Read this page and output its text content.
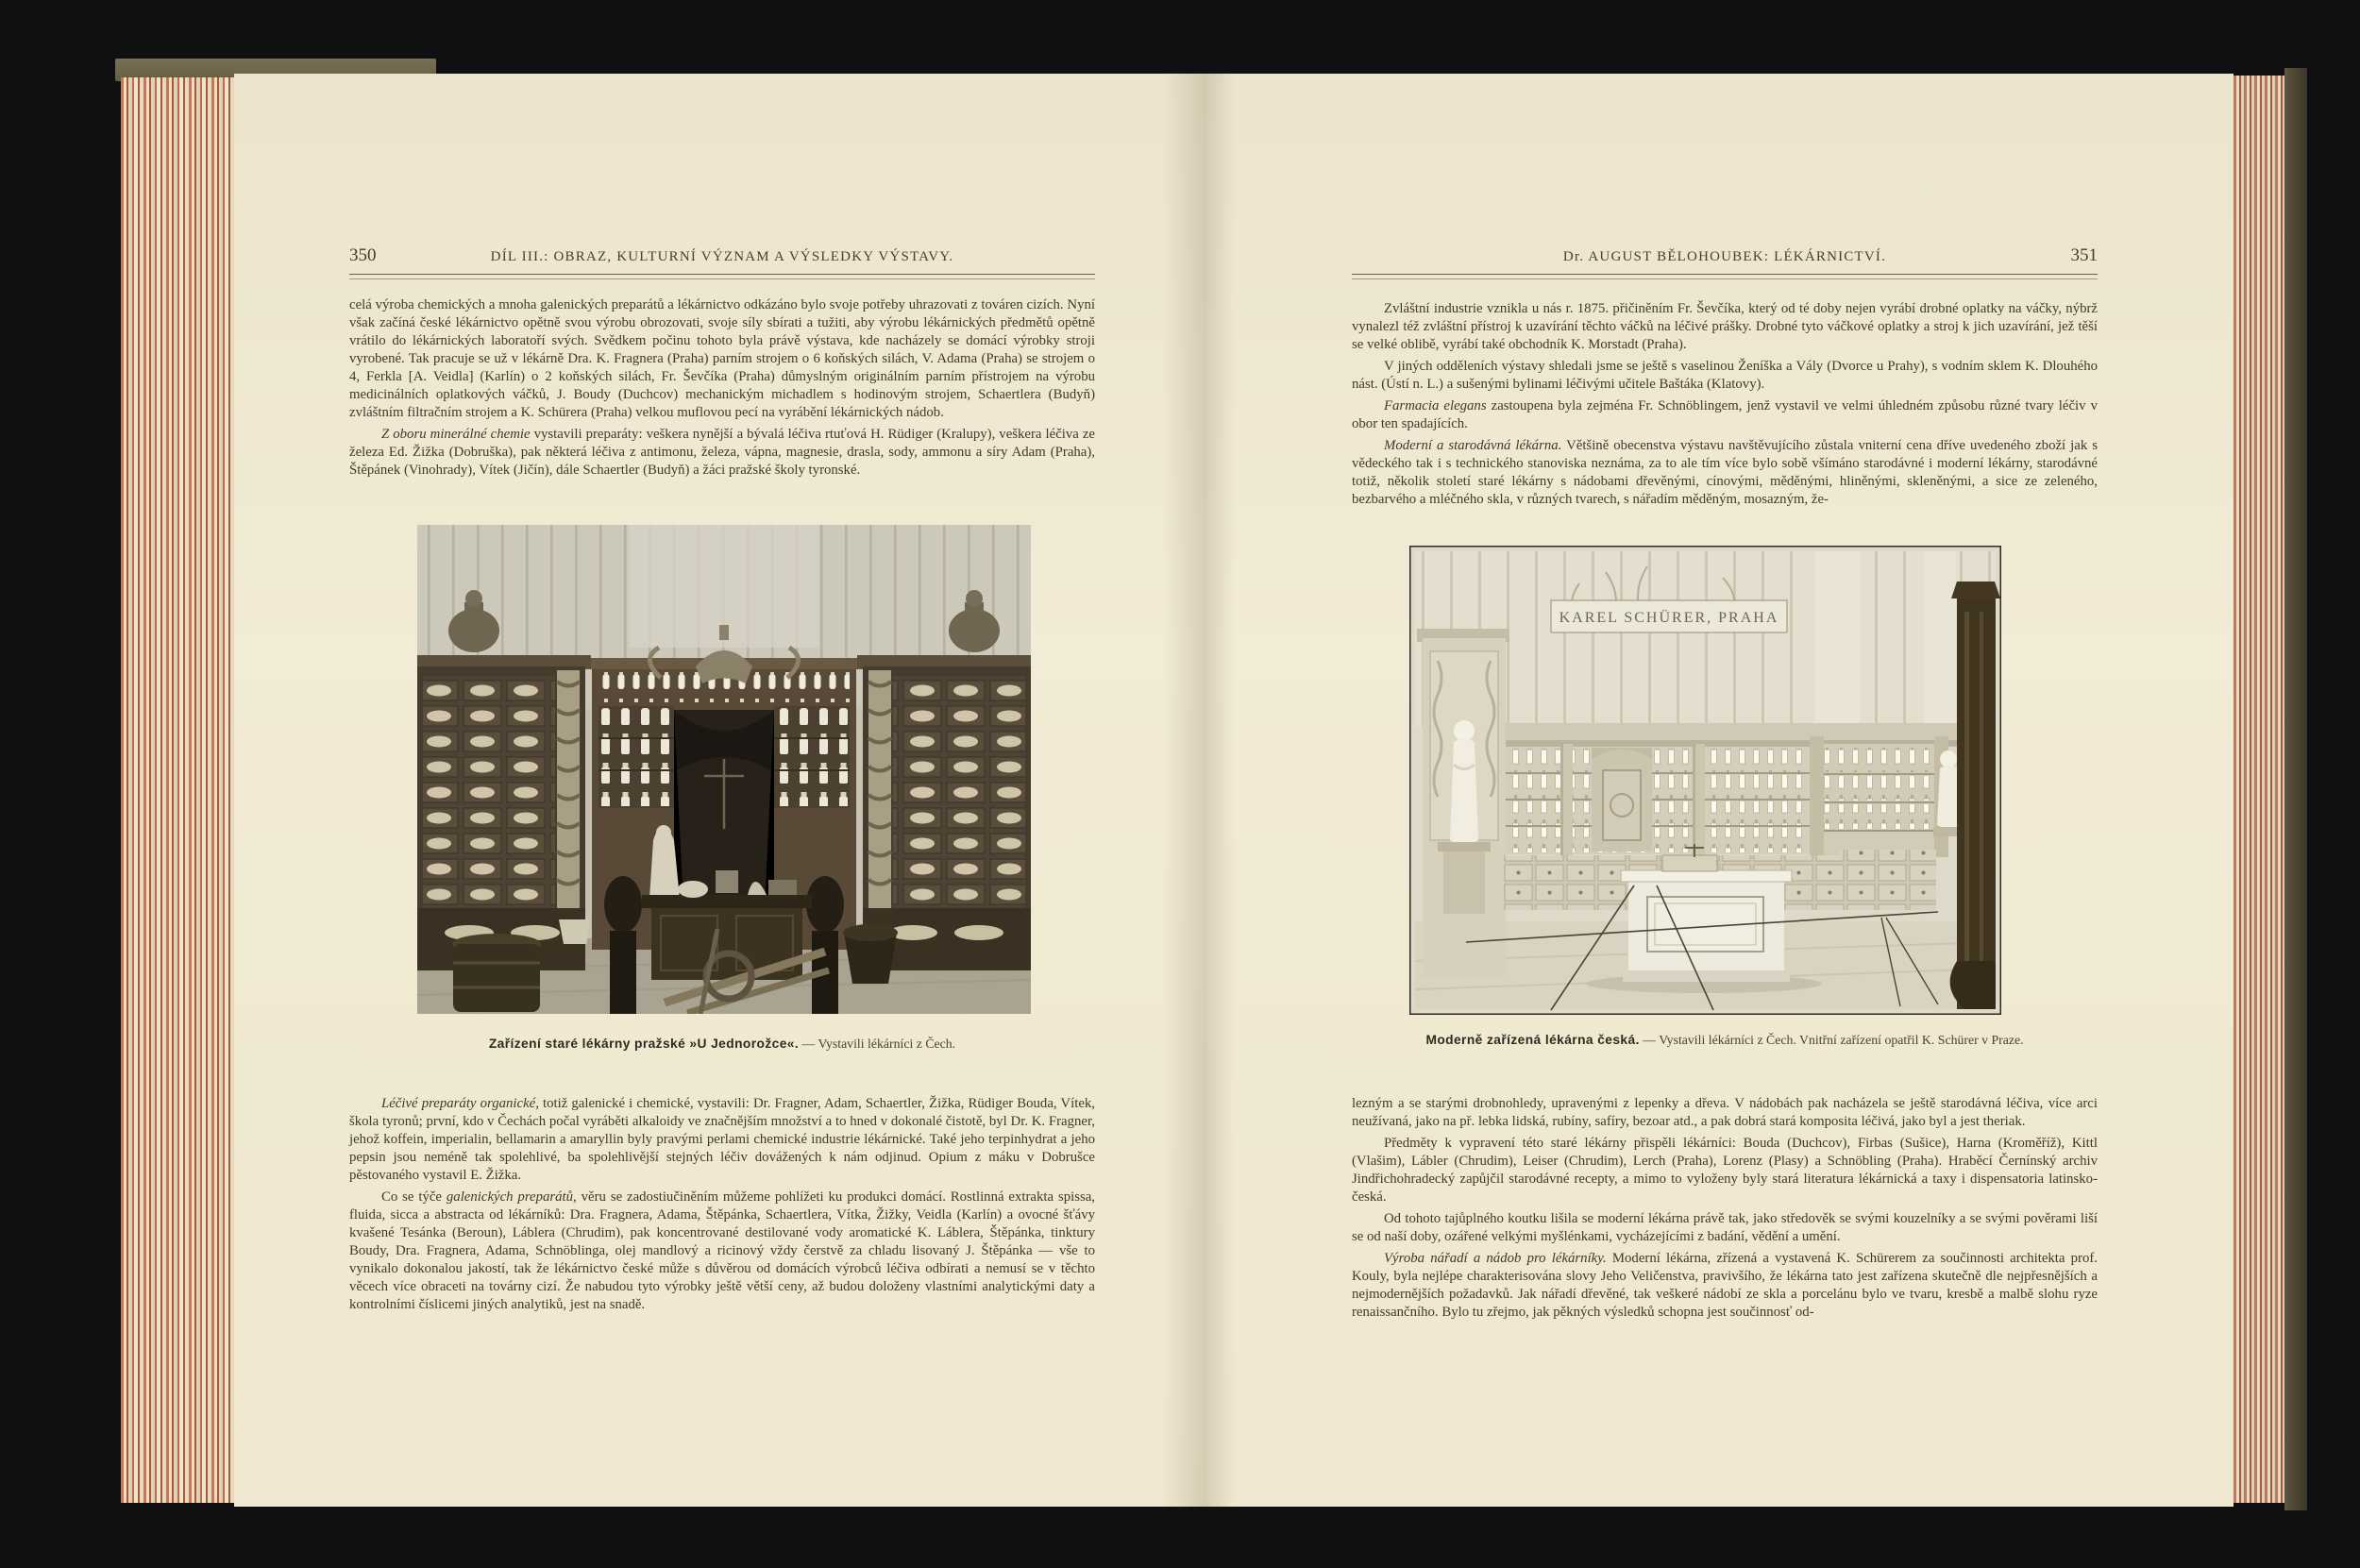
350	DÍL III.: OBRAZ, KULTURNÍ VÝZNAM A VÝSLEDKY VÝSTAVY.

celá výroba chemických a mnoha galenických preparátů a lékárnictvo odkázáno bylo svoje potřeby uhrazovati z továren cizích. Nyní však začíná české lékárnictvo opětně svou výrobu obrozovati, svoje síly sbírati a tužiti, aby výrobu lékárnických předmětů opětně vrátilo do lékárnických laboratoří svých. Svědkem počinu tohoto byla právě výstava, kde nacházely se domácí výrobky stroji vyrobené. Tak pracuje se už v lékárně Dra. K. Fragnera (Praha) parním strojem o 6 koňských silách, V. Adama (Praha) se strojem o 4, Ferkla [A. Veidla] (Karlín) o 2 koňských silách, Fr. Ševčíka (Praha) důmyslným originálním parním přístrojem na výrobu medicinálních oplatkových váčků, J. Boudy (Duchcov) mechanickým michadlem s hodinovým strojem, Schaertlera (Budyň) zvláštním filtračním strojem a K. Schürera (Praha) velkou muflovou pecí na vyrábění lékárnických nádob.

Z oboru minerálné chemie vystavili preparáty: veškera nynější a bývalá léčiva rtuťová H. Rüdiger (Kralupy), veškera léčiva ze železa Ed. Žižka (Dobruška), pak některá léčiva z antimonu, železa, vápna, magnesie, drasla, sody, ammonu a síry Adam (Praha), Štěpánek (Vinohrady), Vítek (Jičín), dále Schaertler (Budyň) a žáci pražské školy tyronské.

Zařízení staré lékárny pražské »U Jednorožce«. — Vystavili lékárníci z Čech.

Léčivé preparáty organické, totiž galenické i chemické, vystavili: Dr. Fragner, Adam, Schaertler, Žižka, Rüdiger Bouda, Vítek, škola tyronů; první, kdo v Čechách počal vyráběti alkaloidy ve značnějším množství a to hned v dokonalé čistotě, byl Dr. K. Fragner, jehož koffein, imperialin, bellamarin a amaryllin byly pravými perlami chemické industrie lékárnické. Také jeho terpinhydrat a jeho pepsin jsou neméně tak spolehlivé, ba spolehlivější stejných léčiv dovážených k nám odjinud. Opium z máku v Dobrušce pěstovaného vystavil E. Žižka.

Co se týče galenických preparátů, věru se zadostiučiněním můžeme pohlížeti ku produkci domácí. Rostlinná extrakta spissa, fluida, sicca a abstracta od lékárníků: Dra. Fragnera, Adama, Štěpánka, Schaertlera, Vítka, Žižky, Veidla (Karlín) a ovocné šťávy kvašené Tesánka (Beroun), Láblera (Chrudim), pak koncentrované destilované vody aromatické K. Láblera, Štěpánka, tinktury Boudy, Dra. Fragnera, Adama, Schnöblinga, olej mandlový a ricinový vždy čerstvě za chladu lisovaný J. Štěpánka — vše to vynikalo dokonalou jakostí, tak že lékárnictvo české může s důvěrou od domácích výrobců léčiva odbírati a nemusí se v těchto věcech více obraceti na továrny cizí. Že nabudou tyto výrobky ještě větší ceny, až budou doloženy vlastními analytickými daty a kontrolními číslicemi jiných analytiků, jest na snadě.

Dr. AUGUST BĚLOHOUBEK: LÉKÁRNICTVÍ.	351

Zvláštní industrie vznikla u nás r. 1875. přičiněním Fr. Ševčíka, který od té doby nejen vyrábí drobné oplatky na váčky, nýbrž vynalezl též zvláštní přístroj k uzavírání těchto váčků na léčivé prášky. Drobné tyto váčkové oplatky a stroj k jich uzavírání, jež těší se velké oblibě, vyrábí také obchodník K. Morstadt (Praha).

V jiných odděleních výstavy shledali jsme se ještě s vaselinou Ženíška a Vály (Dvorce u Prahy), s vodním sklem K. Dlouhého nást. (Ústí n. L.) a sušenými bylinami léčivými učitele Baštáka (Klatovy).

Farmacia elegans zastoupena byla zejména Fr. Schnöblingem, jenž vystavil ve velmi úhledném způsobu různé tvary léčiv v obor ten spadajících.

Moderní a starodávná lékárna. Většině obecenstva výstavu navštěvujícího zůstala vniterní cena dříve uvedeného zboží jak s vědeckého tak i s technického stanoviska neznáma, za to ale tím více bylo sobě všímáno starodávné i moderní lékárny, starodávné totiž, několik století staré lékárny s nádobami dřevěnými, cínovými, měděnými, hliněnými, skleněnými, a sice ze zeleného, bezbarvého a mléčného skla, v různých tvarech, s nářadím měděným, mosazným, že-

KAREL SCHÜRER, PRAHA
Moderně zařízená lékárna česká. — Vystavili lékárníci z Čech. Vnitřní zařízení opatřil K. Schürer v Praze.

lezným a se starými drobnohledy, upravenými z lepenky a dřeva. V nádobách pak nacházela se ještě starodávná léčiva, více arci neužívaná, jako na př. lebka lidská, rubíny, safíry, bezoar atd., a pak dobrá stará komposita léčivá, jako byl a jest theriak.

Předměty k vypravení této staré lékárny přispěli lékárníci: Bouda (Duchcov), Firbas (Sušice), Harna (Kroměříž), Kittl (Vlašim), Lábler (Chrudim), Leiser (Chrudim), Lerch (Praha), Lorenz (Plasy) a Schnöbling (Praha). Hraběcí Černínský archiv Jindřichohradecký zapůjčil starodávné recepty, a mimo to vyloženy byly stará literatura lékárnická a taxy i dispensatoria latinsko-česká.

Od tohoto tajůplného koutku lišila se moderní lékárna právě tak, jako středověk se svými kouzelníky a se svými pověrami liší se od naší doby, ozářené velkými myšlénkami, vycházejícími z badání, vědění a umění.

Výroba nářadí a nádob pro lékárníky. Moderní lékárna, zřízená a vystavená K. Schürerem za součinnosti architekta prof. Kouly, byla nejlépe charakterisována slovy Jeho Veličenstva, pravivšího, že lékárna tato jest zařízena skutečně dle nejpřesnějších a nejmodernějších požadavků. Jak nářadí dřevěné, tak veškeré nádobí ze skla a porcelánu bylo ve tvaru, kresbě a malbě slohu ryze renaissančního. Bylo tu zřejmo, jak pěkných výsledků schopna jest součinnosť od-
